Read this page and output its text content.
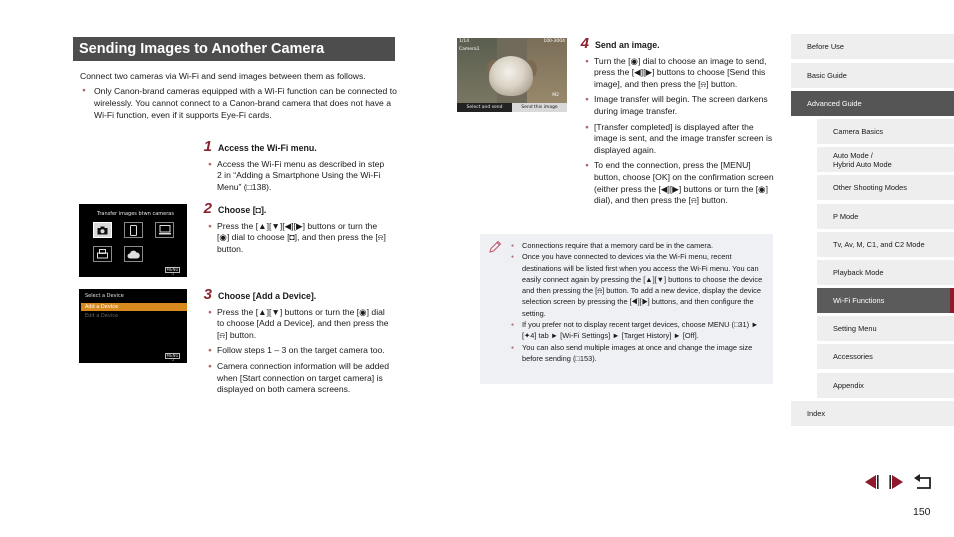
Sending Images to Another Camera

Connect two cameras via Wi-Fi and send images between them as follows.

● Only Canon-brand cameras equipped with a Wi-Fi function can be connected to wirelessly. You cannot connect to a Canon-brand camera that does not have a Wi-Fi function, even if it supports Eye-Fi cards.

1 Access the Wi-Fi menu.

● Access the Wi-Fi menu as described in step 2 in “Adding a Smartphone Using the Wi-Fi Menu” (□138).

Transfer images btwn cameras
MENU ⮌
2 Choose [◘].

● Press the [▲][▼][◀][▶] buttons or turn the [◉] dial to choose [◘], and then press the [⍾] button.

Select a Device
Add a Device
Edit a Device
MENU ⮌
3 Choose [Add a Device].

● Press the [▲][▼] buttons or turn the [◉] dial to choose [Add a Device], and then press the [⍾] button.

● Follow steps 1 – 3 on the target camera too.

● Camera connection information will be added when [Start connection on target camera] is displayed on both camera screens.

1/14	100-3004
Camera1
M2
Select and send	Send this image
4 Send an image.

● Turn the [◉] dial to choose an image to send, press the [◀][▶] buttons to choose [Send this image], and then press the [⍾] button.

● Image transfer will begin. The screen darkens during image transfer.

● [Transfer completed] is displayed after the image is sent, and the image transfer screen is displayed again.

● To end the connection, press the [MENU] button, choose [OK] on the confirmation screen (either press the [◀][▶] buttons or turn the [◉] dial), and then press the [⍾] button.

● Connections require that a memory card be in the camera.

● Once you have connected to devices via the Wi-Fi menu, recent destinations will be listed first when you access the Wi-Fi menu. You can easily connect again by pressing the [▲][▼] buttons to choose the device and then pressing the [⍾] button. To add a new device, display the device selection screen by pressing the [◀][▶] buttons, and then configure the setting.

● If you prefer not to display recent target devices, choose MENU (□31) ► [✦4] tab ► [Wi-Fi Settings] ► [Target History] ► [Off].

● You can also send multiple images at once and change the image size before sending (□153).

Before Use
Basic Guide
Advanced Guide
Camera Basics
Auto Mode /
Hybrid Auto Mode
Other Shooting Modes
P Mode
Tv, Av, M, C1, and C2 Mode
Playback Mode
Wi-Fi Functions
Setting Menu
Accessories
Appendix
Index
150
